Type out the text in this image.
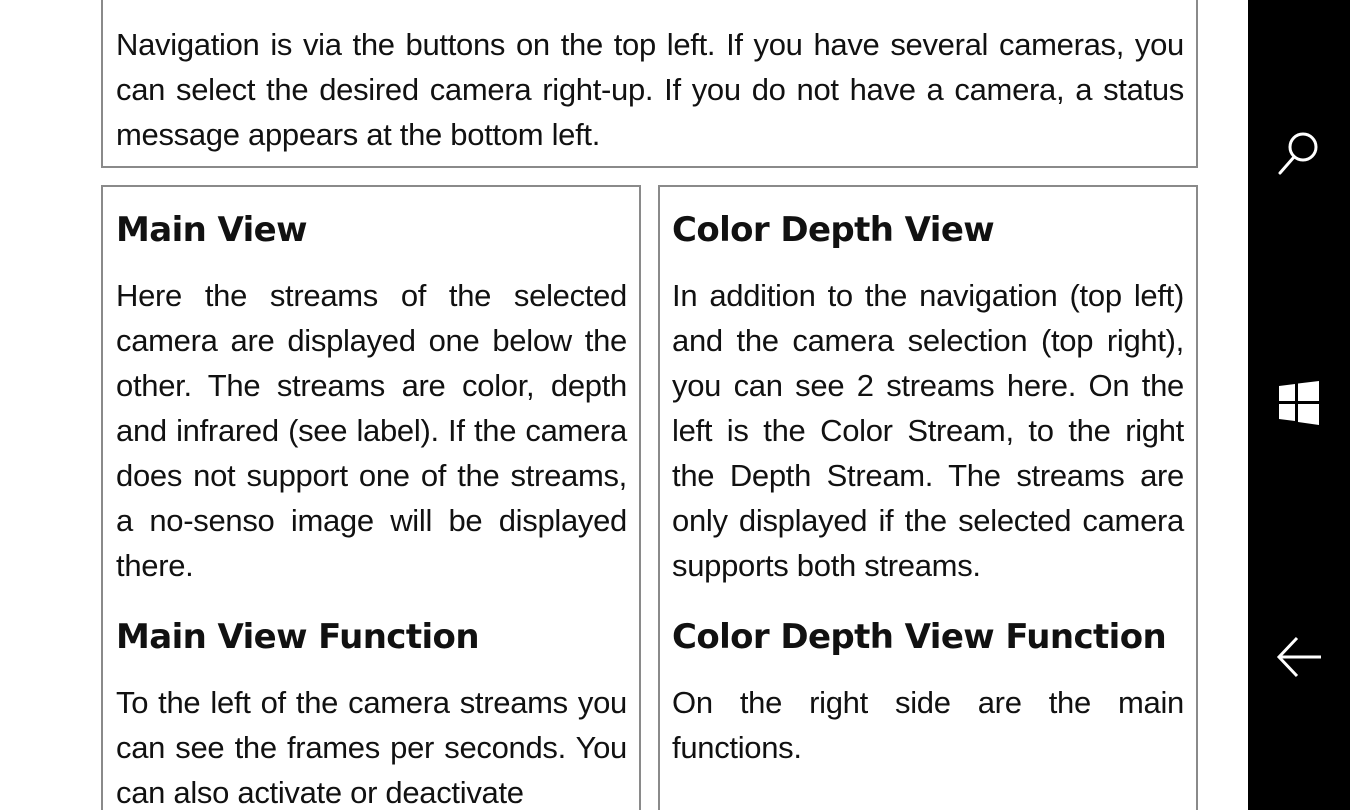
Navigation is via the buttons on the top left. If you have several cameras, you can select the desired camera right-up. If you do not have a camera, a status message appears at the bottom left.

Main View

Here the streams of the selected camera are displayed one below the other. The streams are color, depth and infrared (see label). If the camera does not support one of the streams, a no-senso image will be displayed there.

Main View Function

To the left of the camera streams you can see the frames per seconds. You can also activate or deactivate

Color Depth View

In addition to the navigation (top left) and the camera selection (top right), you can see 2 streams here. On the left is the Color Stream, to the right the Depth Stream. The streams are only displayed if the selected camera supports both streams.

Color Depth View Function

On the right side are the main functions.
